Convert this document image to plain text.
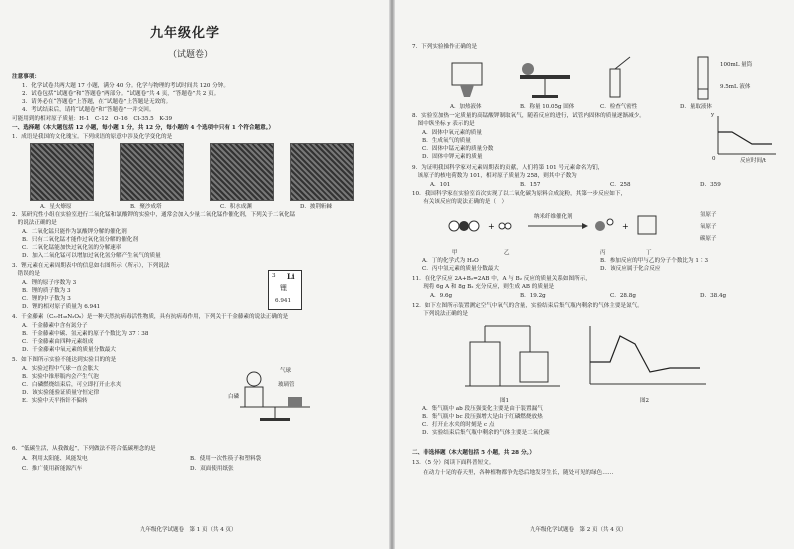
九年级化学
（试题卷）
注意事项：
1．化学试卷共两大题 17 小题，满分 40 分。化学与物理的考试时间共 120 分钟。
2．试卷包括“试题卷”和“答题卷”两部分。“试题卷”共 4 页，“答题卷”共 2 页。
3．请务必在“答题卷”上答题，在“试题卷”上答题是无效的。
4．考试结束后，请将“试题卷”和“答题卷”一并交回。
可能用到的相对原子质量：H-1　C-12　O-16　Cl-35.5　K-39
一、选择题（本大题包括 12 小题，每小题 1 分，共 12 分，每小题的 4 个选项中只有 1 个符合题意。）
1．成语是我国的文化瑰宝。下列成语的原意中涉及化学变化的是
A．星火燎原	B．聚沙成塔	C．积水成渊	D．披荆斩棘
2．某研究性小组在实验室进行二氧化锰和氯酸钾的实验中，通常会加入少量二氧化锰作催化剂，下列关于二氧化锰
　的说法正确的是
A．二氧化锰只能作为氯酸钾分解的催化剂
B．只有二氧化锰才能作过氧化氢分解的催化剂
C．二氧化锰能加快过氧化氢的分解速率
D．加入二氧化锰可以增加过氧化氢分解产生氧气的质量
3．锂元素在元素周期表中的信息如右图所示（所示），下列说法
　错误的是
A．锂的原子序数为 3
B．锂的质子数为 3
C．锂的中子数为 3
D．锂的相对原子质量为 6.941
3 Li
锂
6.941
4．千金藤素（C₃₇H₃₈N₂O₆）是一种天然抗病毒活性物质，具有抗病毒作用，下列关于千金藤素的说法正确的是
A．千金藤素中含有氮分子
B．千金藤素中碳、氢元素的原子个数比为 37∶38
C．千金藤素由四种元素组成
D．千金藤素中氧元素的质量分数最大
5．如下图所示实验不能达到实验目的的是
A．实验过程中气球一直会胀大
B．实验中锥形瓶内会产生气泡
C．白磷燃烧结束后，可立即打开止水夹
D．该实验能验证质量守恒定律
E．实验中天平指针不偏转
气球
玻璃管
白磷
6．“低碳生活，从我做起”，下列做法不符合低碳理念的是
A．利用太阳能、风能发电	B．使用一次性筷子和塑料袋
C．推广使用新能源汽车	D．双面使用纸张
九年级化学试题卷　第 1 页（共 4 页）
7．下列实验操作正确的是
100mL 量筒
9.5mL 液体
A．加热液体	B．称量 10.05g 固体	C．检查气密性	D．量取液体
8．实验室加热一定质量的高锰酸钾制取氧气，随着反应的进行，试管内固体的质量逐渐减少。
　图中纵坐标 y 表示的是
A．固体中氧元素的质量
B．生成氧气的质量
C．固体中锰元素的质量分数
D．固体中钾元素的质量
y
0	反应时间/t
9．为证明我国科学家对元素周期表的贡献，人们将第 101 号元素命名为钔，
　该原子的核电荷数为 101，相对原子质量为 258，则其中子数为
A．101	B．157	C．258	D．359
10．我国科学家在实验室首次实现了以二氧化碳为原料合成淀粉，其第一步反应如下，
　　有关该反应的说法正确的是（　）
+	+
纳米纤维催化剂
甲	乙	丙	丁
氢原子
氧原子
碳原子
A．丁的化学式为 H₂O	B．参加反应的甲与乙的分子个数比为 1∶3
C．丙中氢元素的质量分数最大	D．该反应属于化合反应
11．在化学反应 2A+B₂=2AB 中，A 与 B₂ 反应的质量关系如图所示，
　　现将 6g A 和 8g B₂ 充分反应，则生成 AB 的质量是
A．9.6g	B．19.2g	C．28.8g	D．38.4g
12．如下左图所示装置测定空气中氧气的含量，实验结束后集气瓶内剩余的气体主要是氮气。
　　下列说法正确的是
图1	图2
A．集气瓶中 ab 段压强变化主要是由于装置漏气
B．集气瓶中 bc 段压强增大是由于红磷燃烧放热
C．打开止水夹的时刻是 c 点
D．实验结束后集气瓶中剩余的气体主要是二氧化碳
二、非选择题（本大题包括 5 小题，共 28 分。）
13．（5 分）阅读下面科普短文。
　　在动力十足的春天里，各种植物都争先恐后地发芽生长，随处可见的绿色……
九年级化学试题卷　第 2 页（共 4 页）
